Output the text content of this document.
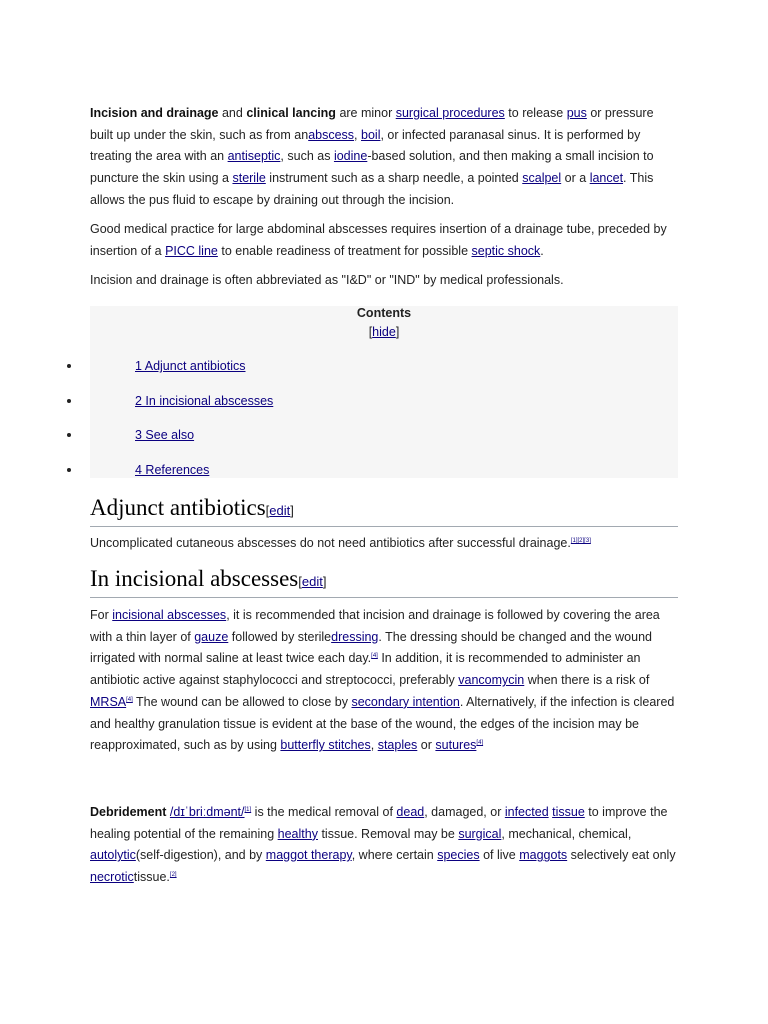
Incision and drainage and clinical lancing are minor surgical procedures to release pus or pressure built up under the skin, such as from anabscess, boil, or infected paranasal sinus. It is performed by treating the area with an antiseptic, such as iodine-based solution, and then making a small incision to puncture the skin using a sterile instrument such as a sharp needle, a pointed scalpel or a lancet. This allows the pus fluid to escape by draining out through the incision.

Good medical practice for large abdominal abscesses requires insertion of a drainage tube, preceded by insertion of a PICC line to enable readiness of treatment for possible septic shock.

Incision and drainage is often abbreviated as "I&D" or "IND" by medical professionals.

Contents
[hide]
1 Adjunct antibiotics
2 In incisional abscesses
3 See also
4 References
Adjunct antibiotics[edit]

Uncomplicated cutaneous abscesses do not need antibiotics after successful drainage.[1][2][3]

In incisional abscesses[edit]

For incisional abscesses, it is recommended that incision and drainage is followed by covering the area with a thin layer of gauze followed by steriledressing. The dressing should be changed and the wound irrigated with normal saline at least twice each day.[4] In addition, it is recommended to administer an antibiotic active against staphylococci and streptococci, preferably vancomycin when there is a risk of MRSA[4] The wound can be allowed to close by secondary intention. Alternatively, if the infection is cleared and healthy granulation tissue is evident at the base of the wound, the edges of the incision may be reapproximated, such as by using butterfly stitches, staples or sutures[4]

Debridement /dɪˈbriːdmənt/[1] is the medical removal of dead, damaged, or infected tissue to improve the healing potential of the remaining healthy tissue. Removal may be surgical, mechanical, chemical, autolytic(self-digestion), and by maggot therapy, where certain species of live maggots selectively eat only necrotictissue.[2]
